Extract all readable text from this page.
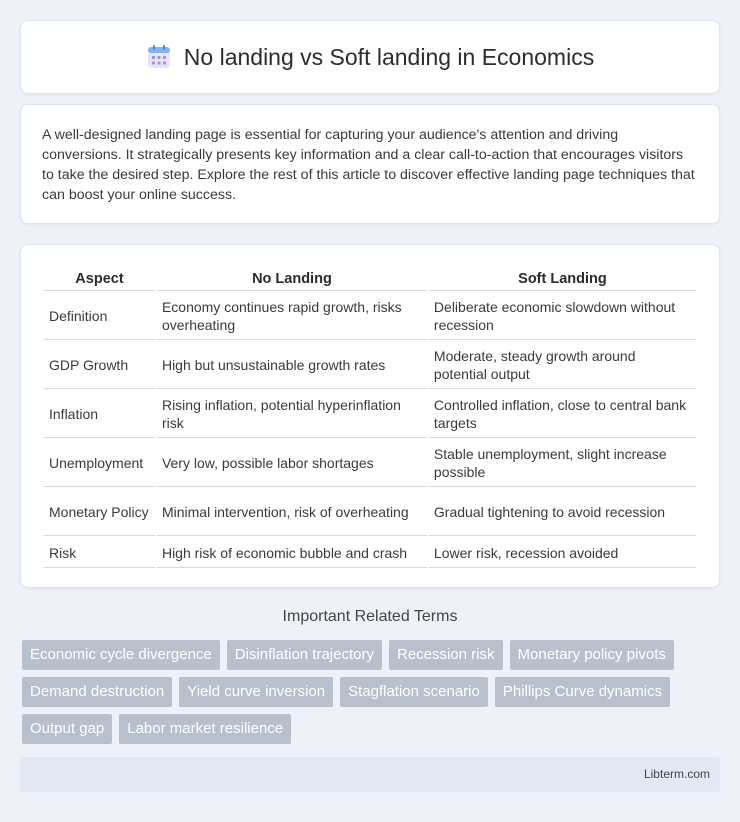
No landing vs Soft landing in Economics

A well-designed landing page is essential for capturing your audience's attention and driving conversions. It strategically presents key information and a clear call-to-action that encourages visitors to take the desired step. Explore the rest of this article to discover effective landing page techniques that can boost your online success.

Aspect	No Landing	Soft Landing
Definition	Economy continues rapid growth, risks overheating	Deliberate economic slowdown without recession
GDP Growth	High but unsustainable growth rates	Moderate, steady growth around potential output
Inflation	Rising inflation, potential hyperinflation risk	Controlled inflation, close to central bank targets
Unemployment	Very low, possible labor shortages	Stable unemployment, slight increase possible
Monetary Policy	Minimal intervention, risk of overheating	Gradual tightening to avoid recession
Risk	High risk of economic bubble and crash	Lower risk, recession avoided
Important Related Terms
Economic cycle divergence	Disinflation trajectory	Recession risk	Monetary policy pivots
Demand destruction	Yield curve inversion	Stagflation scenario	Phillips Curve dynamics
Output gap	Labor market resilience
Libterm.com
